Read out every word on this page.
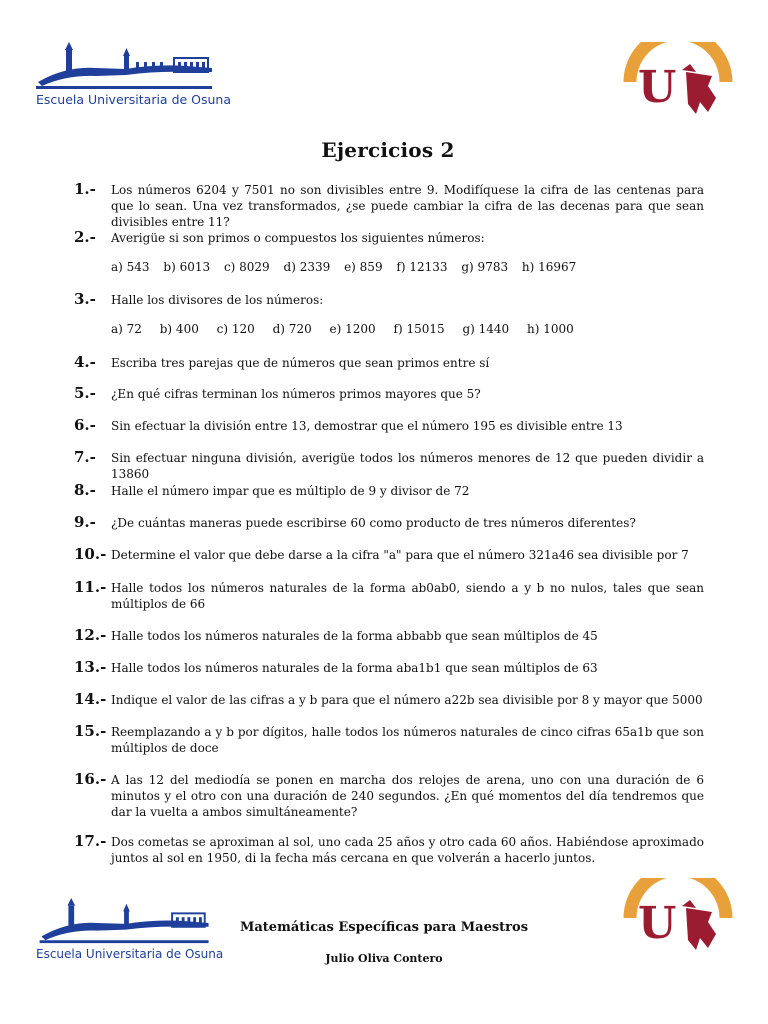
Escuela Universitaria de Osuna
~
U
Ejercicios 2
1.-	Los números 6204 y 7501 no son divisibles entre 9. Modifíquese la cifra de las centenas para que lo sean. Una vez transformados, ¿se puede cambiar la cifra de las decenas para que sean divisibles entre 11?
2.-	Averigüe si son primos o compuestos los siguientes números:
a) 543 b) 6013 c) 8029 d) 2339 e) 859 f) 12133 g) 9783 h) 16967
3.-	Halle los divisores de los números:
a) 72 b) 400 c) 120 d) 720 e) 1200 f) 15015 g) 1440 h) 1000
4.-	Escriba tres parejas que de números que sean primos entre sí
5.-	¿En qué cifras terminan los números primos mayores que 5?
6.-	Sin efectuar la división entre 13, demostrar que el número 195 es divisible entre 13
7.-	Sin efectuar ninguna división, averigüe todos los números menores de 12 que pueden dividir a 13860
8.-	Halle el número impar que es múltiplo de 9 y divisor de 72
9.-	¿De cuántas maneras puede escribirse 60 como producto de tres números diferentes?
10.- Determine el valor que debe darse a la cifra "a" para que el número 321a46 sea divisible por 7
11.- Halle todos los números naturales de la forma ab0ab0, siendo a y b no nulos, tales que sean múltiplos de 66
12.- Halle todos los números naturales de la forma abbabb que sean múltiplos de 45
13.- Halle todos los números naturales de la forma aba1b1 que sean múltiplos de 63
14.- Indique el valor de las cifras a y b para que el número a22b sea divisible por 8 y mayor que 5000
15.- Reemplazando a y b por dígitos, halle todos los números naturales de cinco cifras 65a1b que son múltiplos de doce
16.- A las 12 del mediodía se ponen en marcha dos relojes de arena, uno con una duración de 6 minutos y el otro con una duración de 240 segundos. ¿En qué momentos del día tendremos que dar la vuelta a ambos simultáneamente?
17.- Dos cometas se aproximan al sol, uno cada 25 años y otro cada 60 años. Habiéndose aproximado juntos al sol en 1950, di la fecha más cercana en que volverán a hacerlo juntos.
Escuela Universitaria de Osuna
Matemáticas Específicas para Maestros
Julio Oliva Contero
U
